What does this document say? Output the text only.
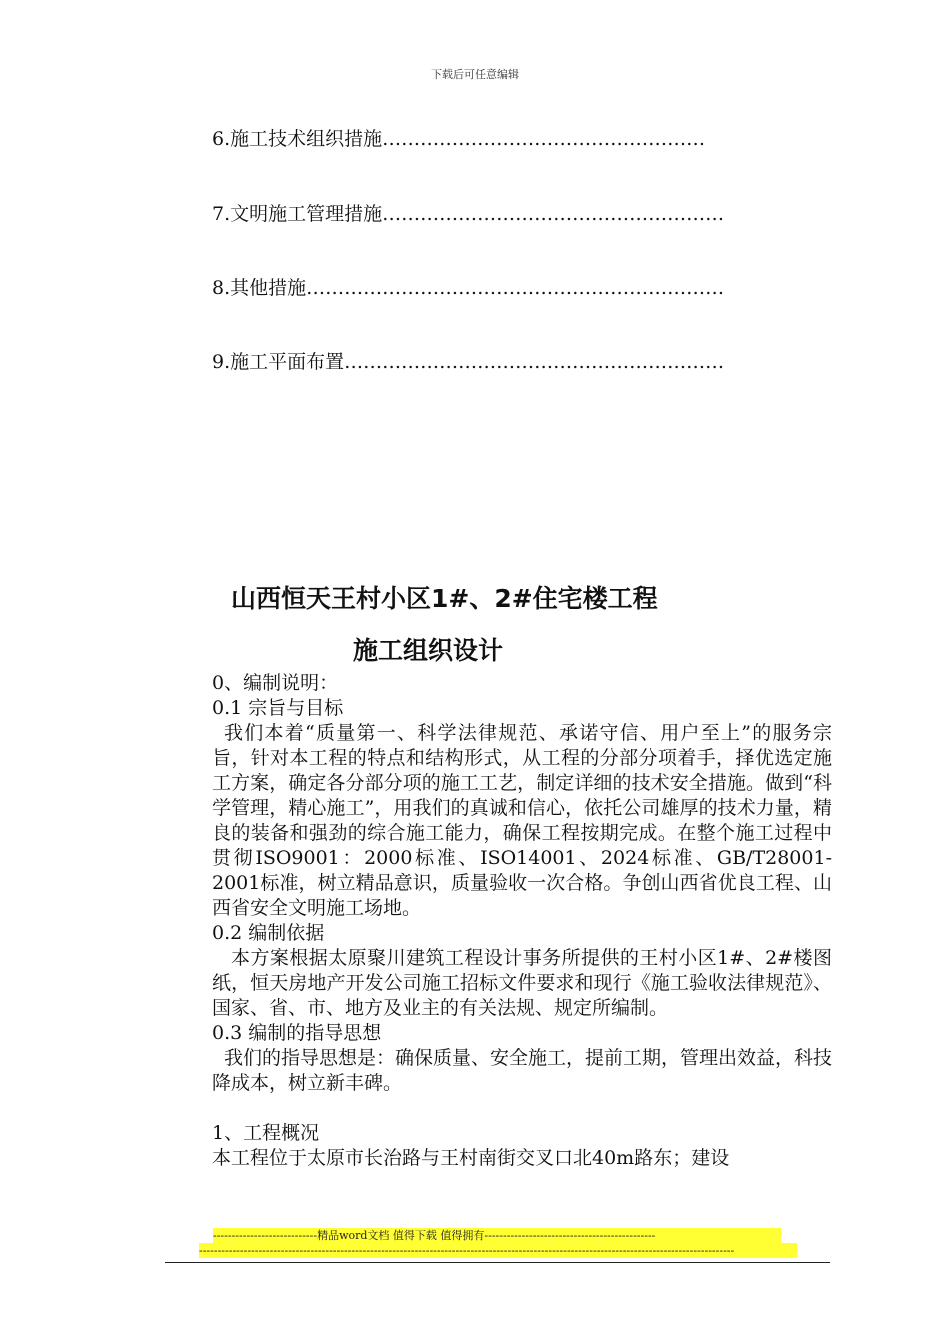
下载后可任意编辑
6.施工技术组织措施……………………………………………
7.文明施工管理措施………………………………………………
8.其他措施…………………………………………………………
9.施工平面布置……………………………………………………
山西恒天王村小区1#、2#住宅楼工程
施工组织设计

0、编制说明：

0.1 宗旨与目标

我们本着“质量第一、科学法律规范、承诺守信、用户至上”的服务宗旨，针对本工程的特点和结构形式，从工程的分部分项着手，择优选定施工方案，确定各分部分项的施工工艺，制定详细的技术安全措施。做到“科学管理，精心施工”，用我们的真诚和信心，依托公司雄厚的技术力量，精良的装备和强劲的综合施工能力，确保工程按期完成。在整个施工过程中贯彻ISO9001：2000标准、ISO14001、2024标准、GB/T28001-2001标准，树立精品意识，质量验收一次合格。争创山西省优良工程、山西省安全文明施工场地。

0.2 编制依据

本方案根据太原聚川建筑工程设计事务所提供的王村小区1#、2#楼图纸，恒天房地产开发公司施工招标文件要求和现行《施工验收法律规范》、国家、省、市、地方及业主的有关法规、规定所编制。

0.3 编制的指导思想

我们的指导思想是：确保质量、安全施工，提前工期，管理出效益，科技降成本，树立新丰碑。

1、工程概况

本工程位于太原市长治路与王村南街交叉口北40m路东；建设

----------------------------精品word文档 值得下载 值得拥有----------------------------------------------
------------------------------------------------------------------------------------------------------------------------------------------------
